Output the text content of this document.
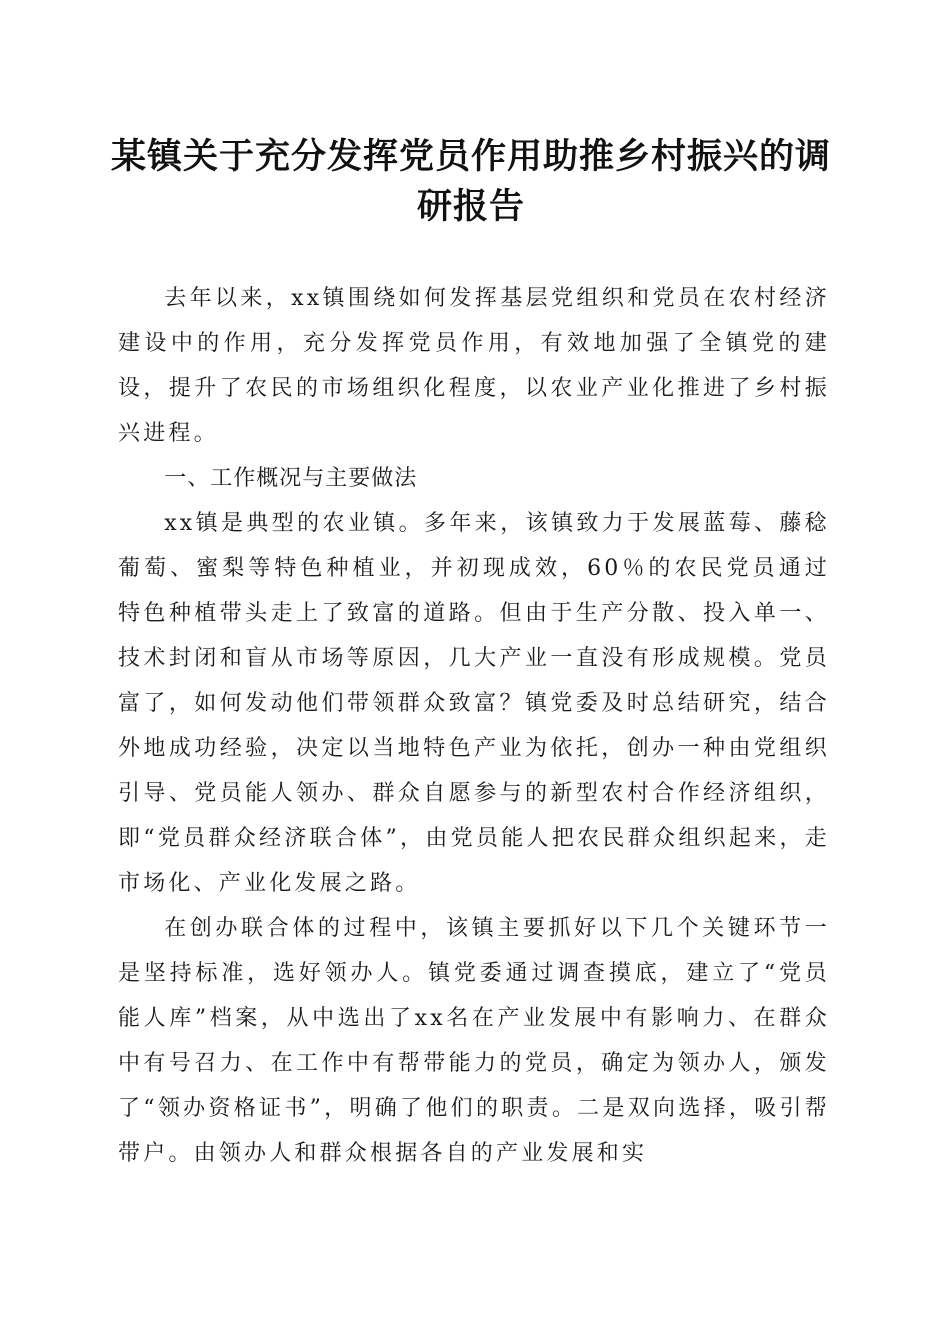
某镇关于充分发挥党员作用助推乡村振兴的调研报告

去年以来，xx镇围绕如何发挥基层党组织和党员在农村经济建设中的作用，充分发挥党员作用，有效地加强了全镇党的建设，提升了农民的市场组织化程度，以农业产业化推进了乡村振兴进程。

一、工作概况与主要做法

xx镇是典型的农业镇。多年来，该镇致力于发展蓝莓、藤稔葡萄、蜜梨等特色种植业，并初现成效，60％的农民党员通过特色种植带头走上了致富的道路。但由于生产分散、投入单一、技术封闭和盲从市场等原因，几大产业一直没有形成规模。党员富了，如何发动他们带领群众致富？镇党委及时总结研究，结合外地成功经验，决定以当地特色产业为依托，创办一种由党组织引导、党员能人领办、群众自愿参与的新型农村合作经济组织，即“党员群众经济联合体”，由党员能人把农民群众组织起来，走市场化、产业化发展之路。

在创办联合体的过程中，该镇主要抓好以下几个关键环节一是坚持标准，选好领办人。镇党委通过调查摸底，建立了“党员能人库”档案，从中选出了xx名在产业发展中有影响力、在群众中有号召力、在工作中有帮带能力的党员，确定为领办人，颁发了“领办资格证书”，明确了他们的职责。二是双向选择，吸引帮带户。由领办人和群众根据各自的产业发展和实
